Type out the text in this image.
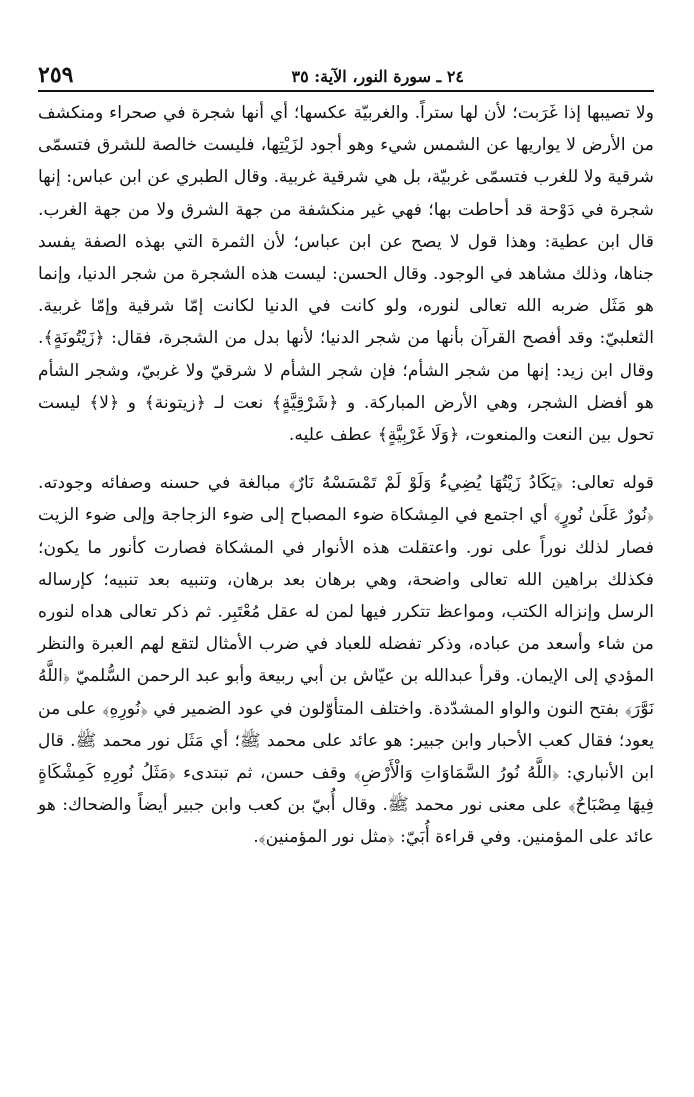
٢٥٩	٢٤ ـ سورة النور، الآية: ٣٥

ولا تصيبها إذا غَرَبت؛ لأن لها ستراً. والغربيّة عكسها؛ أي أنها شجرة في صحراء ومنكشف من الأرض لا يواريها عن الشمس شيء وهو أجود لزَيْتِها، فليست خالصة للشرق فتسمّى شرقية ولا للغرب فتسمّى غربيّة، بل هي شرقية غربية. وقال الطبري عن ابن عباس: إنها شجرة في دَوْحة قد أحاطت بها؛ فهي غير منكشفة من جهة الشرق ولا من جهة الغرب. قال ابن عطية: وهذا قول لا يصح عن ابن عباس؛ لأن الثمرة التي بهذه الصفة يفسد جناها، وذلك مشاهد في الوجود. وقال الحسن: ليست هذه الشجرة من شجر الدنيا، وإنما هو مَثَل ضربه الله تعالى لنوره، ولو كانت في الدنيا لكانت إمّا شرقية وإمّا غربية. الثعلبيّ: وقد أفصح القرآن بأنها من شجر الدنيا؛ لأنها بدل من الشجرة، فقال: ﴿زَيْتُونَةٍ﴾. وقال ابن زيد: إنها من شجر الشأم؛ فإن شجر الشأم لا شرقيّ ولا غربيّ، وشجر الشأم هو أفضل الشجر، وهي الأرض المباركة. و ﴿شَرْقِيَّةٍ﴾ نعت لـ ﴿زيتونة﴾ و ﴿لا﴾ ليست تحول بين النعت والمنعوت، ﴿وَلَا غَرْبِيَّةٍ﴾ عطف عليه.

قوله تعالى: ﴿يَكَادُ زَيْتُهَا يُضِيءُ وَلَوْ لَمْ تَمْسَسْهُ نَارٌ﴾ مبالغة في حسنه وصفائه وجودته. ﴿نُورٌ عَلَىٰ نُورٍ﴾ أي اجتمع في المِشكاة ضوء المصباح إلى ضوء الزجاجة وإلى ضوء الزيت فصار لذلك نوراً على نور. واعتقلت هذه الأنوار في المشكاة فصارت كأنور ما يكون؛ فكذلك براهين الله تعالى واضحة، وهي برهان بعد برهان، وتنبيه بعد تنبيه؛ كإرساله الرسل وإنزاله الكتب، ومواعظ تتكرر فيها لمن له عقل مُعْتَبِر. ثم ذكر تعالى هداه لنوره من شاء وأسعد من عباده، وذكر تفضله للعباد في ضرب الأمثال لتقع لهم العبرة والنظر المؤدي إلى الإيمان. وقرأ عبدالله بن عيّاش بن أبي ربيعة وأبو عبد الرحمن السُّلميّ ﴿اللَّهُ نَوَّرَ﴾ بفتح النون والواو المشدّدة. واختلف المتأوّلون في عود الضمير في ﴿نُورِهِ﴾ على من يعود؛ فقال كعب الأحبار وابن جبير: هو عائد على محمد ﷺ؛ أي مَثَل نور محمد ﷺ. قال ابن الأنباري: ﴿اللَّهُ نُورُ السَّمَاوَاتِ وَالْأَرْضِ﴾ وقف حسن، ثم تبتدىء ﴿مَثَلُ نُورِهِ كَمِشْكَاةٍ فِيهَا مِصْبَاحٌ﴾ على معنى نور محمد ﷺ. وقال أُبيّ بن كعب وابن جبير أيضاً والضحاك: هو عائد على المؤمنين. وفي قراءة أُبَيّ: ﴿مثل نور المؤمنين﴾.
